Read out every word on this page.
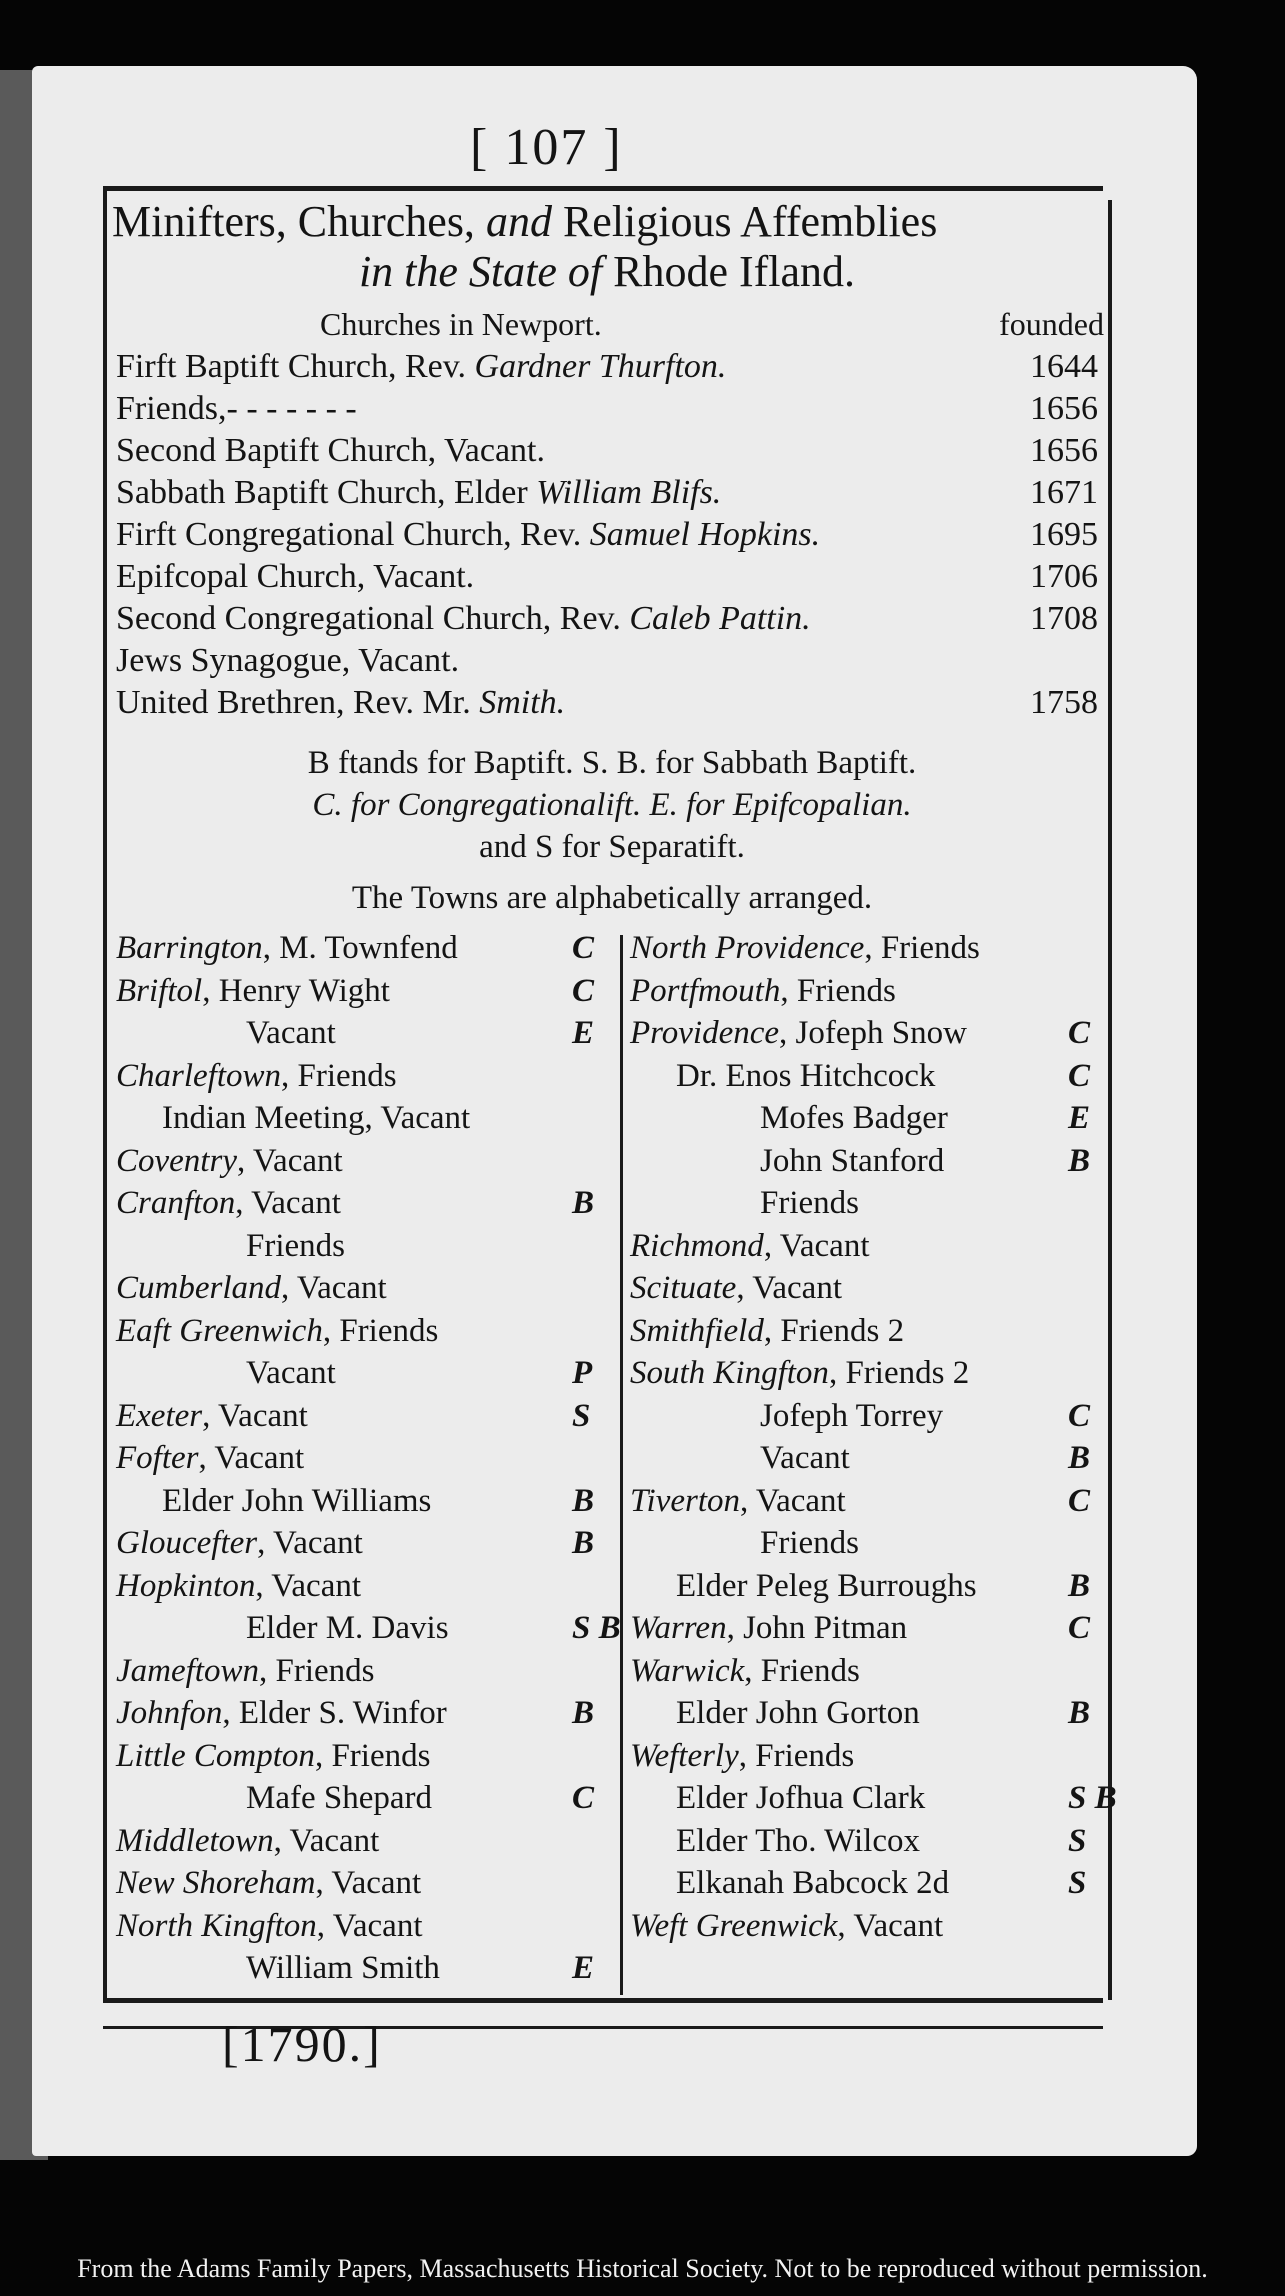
[ 107 ]
Minifters, Churches, and Religious Affemblies
in the State of Rhode Ifland.
Churches in Newport.	founded
Firft Baptift Church, Rev. Gardner Thurfton.	1644
Friends,- - - - - - -	1656
Second Baptift Church, Vacant.	1656
Sabbath Baptift Church, Elder William Blifs.	1671
Firft Congregational Church, Rev. Samuel Hopkins.	1695
Epifcopal Church, Vacant.	1706
Second Congregational Church, Rev. Caleb Pattin.	1708
Jews Synagogue, Vacant.
United Brethren, Rev. Mr. Smith.	1758
B ftands for Baptift. S. B. for Sabbath Baptift.
C. for Congregationalift. E. for Epifcopalian.
and S for Separatift.
The Towns are alphabetically arranged.
Barrington, M. Townfend	C
Briftol, Henry Wight	C
Vacant	E
Charleftown, Friends
Indian Meeting, Vacant
Coventry, Vacant
Cranfton, Vacant	B
Friends
Cumberland, Vacant
Eaft Greenwich, Friends
Vacant	P
Exeter, Vacant	S
Fofter, Vacant
Elder John Williams	B
Gloucefter, Vacant	B
Hopkinton, Vacant
Elder M. Davis	S B
Jameftown, Friends
Johnfon, Elder S. Winfor	B
Little Compton, Friends
Mafe Shepard	C
Middletown, Vacant
New Shoreham, Vacant
North Kingfton, Vacant
William Smith	E
North Providence, Friends
Portfmouth, Friends
Providence, Jofeph Snow	C
Dr. Enos Hitchcock	C
Mofes Badger	E
John Stanford	B
Friends
Richmond, Vacant
Scituate, Vacant
Smithfield, Friends 2
South Kingfton, Friends 2
Jofeph Torrey	C
Vacant	B
Tiverton, Vacant	C
Friends
Elder Peleg Burroughs	B
Warren, John Pitman	C
Warwick, Friends
Elder John Gorton	B
Wefterly, Friends
Elder Jofhua Clark	S B
Elder Tho. Wilcox	S
Elkanah Babcock 2d	S
Weft Greenwick, Vacant
[1790.]
From the Adams Family Papers, Massachusetts Historical Society. Not to be reproduced without permission.
